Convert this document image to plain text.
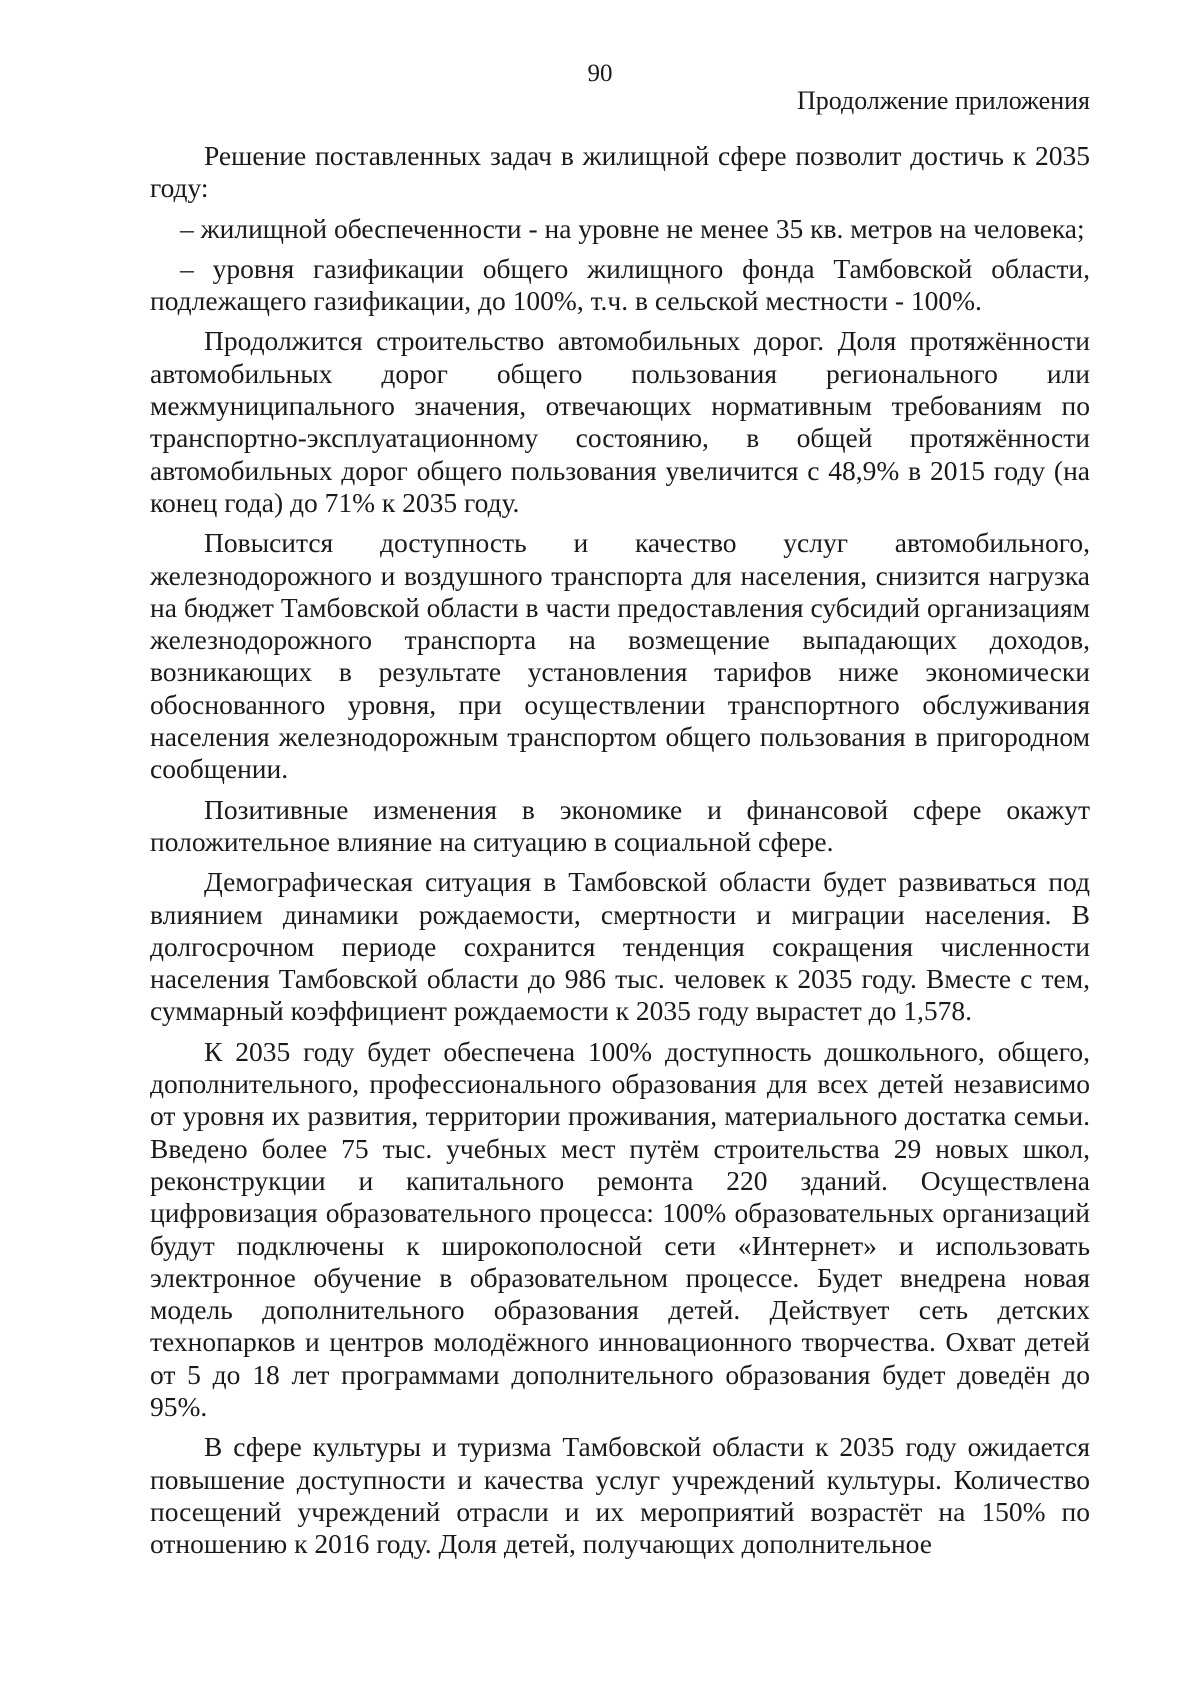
90
Продолжение приложения

Решение поставленных задач в жилищной сфере позволит достичь к 2035 году:

– жилищной обеспеченности - на уровне не менее 35 кв. метров на человека;

– уровня газификации общего жилищного фонда Тамбовской области, подлежащего газификации, до 100%, т.ч. в сельской местности - 100%.

Продолжится строительство автомобильных дорог. Доля протяжённости автомобильных дорог общего пользования регионального или межмуниципального значения, отвечающих нормативным требованиям по транспортно-эксплуатационному состоянию, в общей протяжённости автомобильных дорог общего пользования увеличится с 48,9% в 2015 году (на конец года) до 71% к 2035 году.

Повысится доступность и качество услуг автомобильного, железнодорожного и воздушного транспорта для населения, снизится нагрузка на бюджет Тамбовской области в части предоставления субсидий организациям железнодорожного транспорта на возмещение выпадающих доходов, возникающих в результате установления тарифов ниже экономически обоснованного уровня, при осуществлении транспортного обслуживания населения железнодорожным транспортом общего пользования в пригородном сообщении.

Позитивные изменения в экономике и финансовой сфере окажут положительное влияние на ситуацию в социальной сфере.

Демографическая ситуация в Тамбовской области будет развиваться под влиянием динамики рождаемости, смертности и миграции населения. В долгосрочном периоде сохранится тенденция сокращения численности населения Тамбовской области до 986 тыс. человек к 2035 году. Вместе с тем, суммарный коэффициент рождаемости к 2035 году вырастет до 1,578.

К 2035 году будет обеспечена 100% доступность дошкольного, общего, дополнительного, профессионального образования для всех детей независимо от уровня их развития, территории проживания, материального достатка семьи. Введено более 75 тыс. учебных мест путём строительства 29 новых школ, реконструкции и капитального ремонта 220 зданий. Осуществлена цифровизация образовательного процесса: 100% образовательных организаций будут подключены к широкополосной сети «Интернет» и использовать электронное обучение в образовательном процессе. Будет внедрена новая модель дополнительного образования детей. Действует сеть детских технопарков и центров молодёжного инновационного творчества. Охват детей от 5 до 18 лет программами дополнительного образования будет доведён до 95%.

В сфере культуры и туризма Тамбовской области к 2035 году ожидается повышение доступности и качества услуг учреждений культуры. Количество посещений учреждений отрасли и их мероприятий возрастёт на 150% по отношению к 2016 году. Доля детей, получающих дополнительное
